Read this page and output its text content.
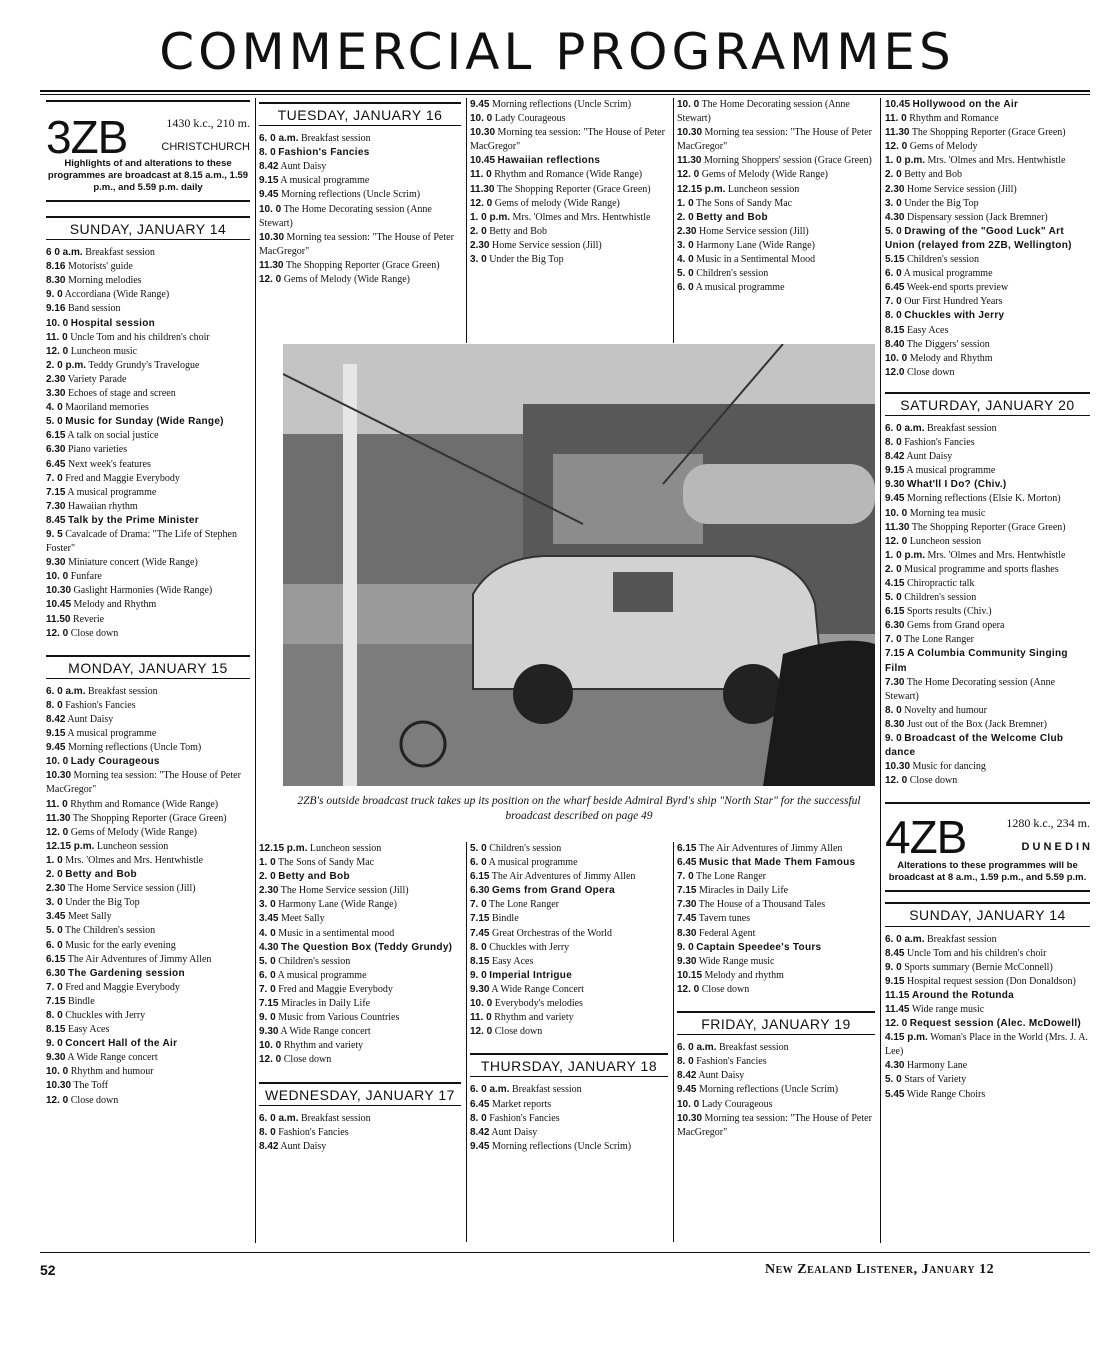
COMMERCIAL PROGRAMMES
3ZB	1430 k.c., 210 m.
CHRISTCHURCH
Highlights of and alterations to these programmes are broadcast at 8.15 a.m., 1.59 p.m., and 5.59 p.m. daily
SUNDAY, JANUARY 14

6 0 a.m. Breakfast session

8.16 Motorists' guide

8.30 Morning melodies

9. 0 Accordiana (Wide Range)

9.16 Band session

10. 0 Hospital session

11. 0 Uncle Tom and his children's choir

12. 0 Luncheon music

2. 0 p.m. Teddy Grundy's Travelogue

2.30 Variety Parade

3.30 Echoes of stage and screen

4. 0 Maoriland memories

5. 0 Music for Sunday (Wide Range)

6.15 A talk on social justice

6.30 Piano varieties

6.45 Next week's features

7. 0 Fred and Maggie Everybody

7.15 A musical programme

7.30 Hawaiian rhythm

8.45 Talk by the Prime Minister

9. 5 Cavalcade of Drama: "The Life of Stephen Foster"

9.30 Miniature concert (Wide Range)

10. 0 Funfare

10.30 Gaslight Harmonies (Wide Range)

10.45 Melody and Rhythm

11.50 Reverie

12. 0 Close down

MONDAY, JANUARY 15

6. 0 a.m. Breakfast session

8. 0 Fashion's Fancies

8.42 Aunt Daisy

9.15 A musical programme

9.45 Morning reflections (Uncle Tom)

10. 0 Lady Courageous

10.30 Morning tea session: "The House of Peter MacGregor"

11. 0 Rhythm and Romance (Wide Range)

11.30 The Shopping Reporter (Grace Green)

12. 0 Gems of Melody (Wide Range)

12.15 p.m. Luncheon session

1. 0 Mrs. 'Olmes and Mrs. Hentwhistle

2. 0 Betty and Bob

2.30 The Home Service session (Jill)

3. 0 Under the Big Top

3.45 Meet Sally

5. 0 The Children's session

6. 0 Music for the early evening

6.15 The Air Adventures of Jimmy Allen

6.30 The Gardening session

7. 0 Fred and Maggie Everybody

7.15 Bindle

8. 0 Chuckles with Jerry

8.15 Easy Aces

9. 0 Concert Hall of the Air

9.30 A Wide Range concert

10. 0 Rhythm and humour

10.30 The Toff

12. 0 Close down

TUESDAY, JANUARY 16

6. 0 a.m. Breakfast session

8. 0 Fashion's Fancies

8.42 Aunt Daisy

9.15 A musical programme

9.45 Morning reflections (Uncle Scrim)

10. 0 The Home Decorating session (Anne Stewart)

10.30 Morning tea session: "The House of Peter MacGregor"

11.30 The Shopping Reporter (Grace Green)

12. 0 Gems of Melody (Wide Range)

9.45 Morning reflections (Uncle Scrim)

10. 0 Lady Courageous

10.30 Morning tea session: "The House of Peter MacGregor"

10.45 Hawaiian reflections

11. 0 Rhythm and Romance (Wide Range)

11.30 The Shopping Reporter (Grace Green)

12. 0 Gems of melody (Wide Range)

1. 0 p.m. Mrs. 'Olmes and Mrs. Hentwhistle

2. 0 Betty and Bob

2.30 Home Service session (Jill)

3. 0 Under the Big Top

10. 0 The Home Decorating session (Anne Stewart)

10.30 Morning tea session: "The House of Peter MacGregor"

11.30 Morning Shoppers' session (Grace Green)

12. 0 Gems of Melody (Wide Range)

12.15 p.m. Luncheon session

1. 0 The Sons of Sandy Mac

2. 0 Betty and Bob

2.30 Home Service session (Jill)

3. 0 Harmony Lane (Wide Range)

4. 0 Music in a Sentimental Mood

5. 0 Children's session

6. 0 A musical programme

2ZB's outside broadcast truck takes up its position on the wharf beside Admiral Byrd's ship "North Star" for the successful broadcast described on page 49

12.15 p.m. Luncheon session

1. 0 The Sons of Sandy Mac

2. 0 Betty and Bob

2.30 The Home Service session (Jill)

3. 0 Harmony Lane (Wide Range)

3.45 Meet Sally

4. 0 Music in a sentimental mood

4.30 The Question Box (Teddy Grundy)

5. 0 Children's session

6. 0 A musical programme

7. 0 Fred and Maggie Everybody

7.15 Miracles in Daily Life

9. 0 Music from Various Countries

9.30 A Wide Range concert

10. 0 Rhythm and variety

12. 0 Close down

WEDNESDAY, JANUARY 17

6. 0 a.m. Breakfast session

8. 0 Fashion's Fancies

8.42 Aunt Daisy

5. 0 Children's session

6. 0 A musical programme

6.15 The Air Adventures of Jimmy Allen

6.30 Gems from Grand Opera

7. 0 The Lone Ranger

7.15 Bindle

7.45 Great Orchestras of the World

8. 0 Chuckles with Jerry

8.15 Easy Aces

9. 0 Imperial Intrigue

9.30 A Wide Range Concert

10. 0 Everybody's melodies

11. 0 Rhythm and variety

12. 0 Close down

THURSDAY, JANUARY 18

6. 0 a.m. Breakfast session

6.45 Market reports

8. 0 Fashion's Fancies

8.42 Aunt Daisy

9.45 Morning reflections (Uncle Scrim)

6.15 The Air Adventures of Jimmy Allen

6.45 Music that Made Them Famous

7. 0 The Lone Ranger

7.15 Miracles in Daily Life

7.30 The House of a Thousand Tales

7.45 Tavern tunes

8.30 Federal Agent

9. 0 Captain Speedee's Tours

9.30 Wide Range music

10.15 Melody and rhythm

12. 0 Close down

FRIDAY, JANUARY 19

6. 0 a.m. Breakfast session

8. 0 Fashion's Fancies

8.42 Aunt Daisy

9.45 Morning reflections (Uncle Scrim)

10. 0 Lady Courageous

10.30 Morning tea session: "The House of Peter MacGregor"

10.45 Hollywood on the Air

11. 0 Rhythm and Romance

11.30 The Shopping Reporter (Grace Green)

12. 0 Gems of Melody

1. 0 p.m. Mrs. 'Olmes and Mrs. Hentwhistle

2. 0 Betty and Bob

2.30 Home Service session (Jill)

3. 0 Under the Big Top

4.30 Dispensary session (Jack Bremner)

5. 0 Drawing of the "Good Luck" Art Union (relayed from 2ZB, Wellington)

5.15 Children's session

6. 0 A musical programme

6.45 Week-end sports preview

7. 0 Our First Hundred Years

8. 0 Chuckles with Jerry

8.15 Easy Aces

8.40 The Diggers' session

10. 0 Melody and Rhythm

12.0 Close down

SATURDAY, JANUARY 20

6. 0 a.m. Breakfast session

8. 0 Fashion's Fancies

8.42 Aunt Daisy

9.15 A musical programme

9.30 What'll I Do? (Chiv.)

9.45 Morning reflections (Elsie K. Morton)

10. 0 Morning tea music

11.30 The Shopping Reporter (Grace Green)

12. 0 Luncheon session

1. 0 p.m. Mrs. 'Olmes and Mrs. Hentwhistle

2. 0 Musical programme and sports flashes

4.15 Chiropractic talk

5. 0 Children's session

6.15 Sports results (Chiv.)

6.30 Gems from Grand opera

7. 0 The Lone Ranger

7.15 A Columbia Community Singing Film

7.30 The Home Decorating session (Anne Stewart)

8. 0 Novelty and humour

8.30 Just out of the Box (Jack Bremner)

9. 0 Broadcast of the Welcome Club dance

10.30 Music for dancing

12. 0 Close down

4ZB	1280 k.c., 234 m.
D U N E D I N
Alterations to these programmes will be broadcast at 8 a.m., 1.59 p.m., and 5.59 p.m.
SUNDAY, JANUARY 14

6. 0 a.m. Breakfast session

8.45 Uncle Tom and his children's choir

9. 0 Sports summary (Bernie McConnell)

9.15 Hospital request session (Don Donaldson)

11.15 Around the Rotunda

11.45 Wide range music

12. 0 Request session (Alec. McDowell)

4.15 p.m. Woman's Place in the World (Mrs. J. A. Lee)

4.30 Harmony Lane

5. 0 Stars of Variety

5.45 Wide Range Choirs

52	New Zealand Listener, January 12
